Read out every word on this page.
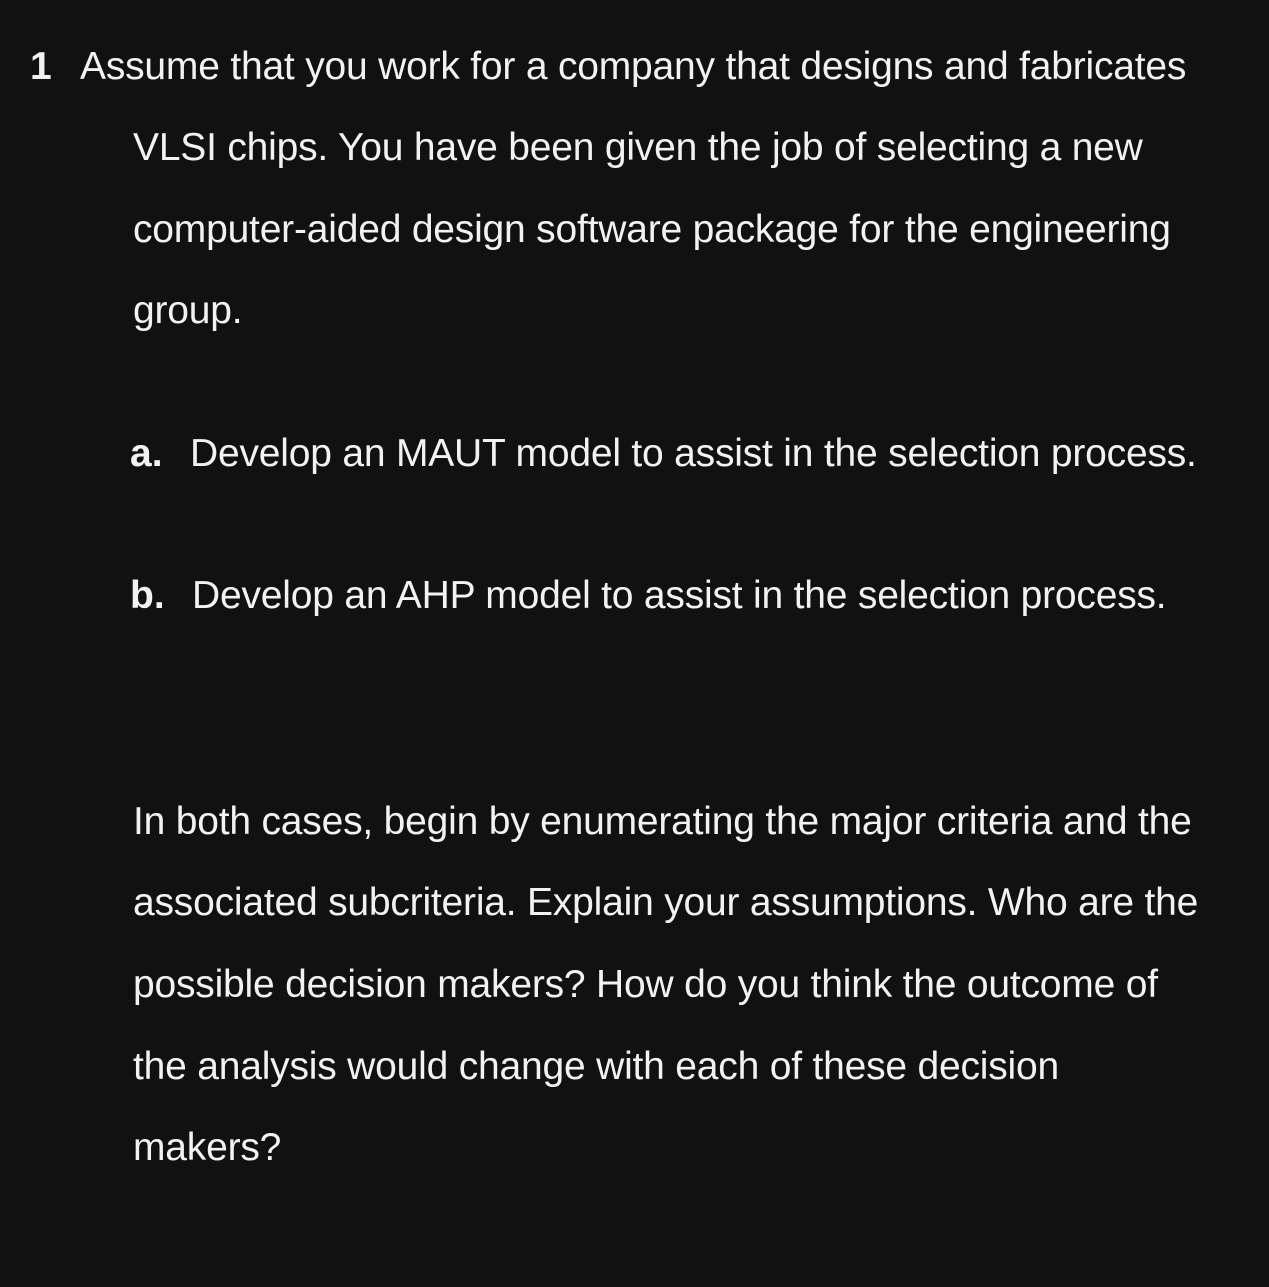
1 Assume that you work for a company that designs and fabricates
VLSI chips. You have been given the job of selecting a new
computer-aided design software package for the engineering
group.
a. Develop an MAUT model to assist in the selection process.
b. Develop an AHP model to assist in the selection process.
In both cases, begin by enumerating the major criteria and the
associated subcriteria. Explain your assumptions. Who are the
possible decision makers? How do you think the outcome of
the analysis would change with each of these decision
makers?
